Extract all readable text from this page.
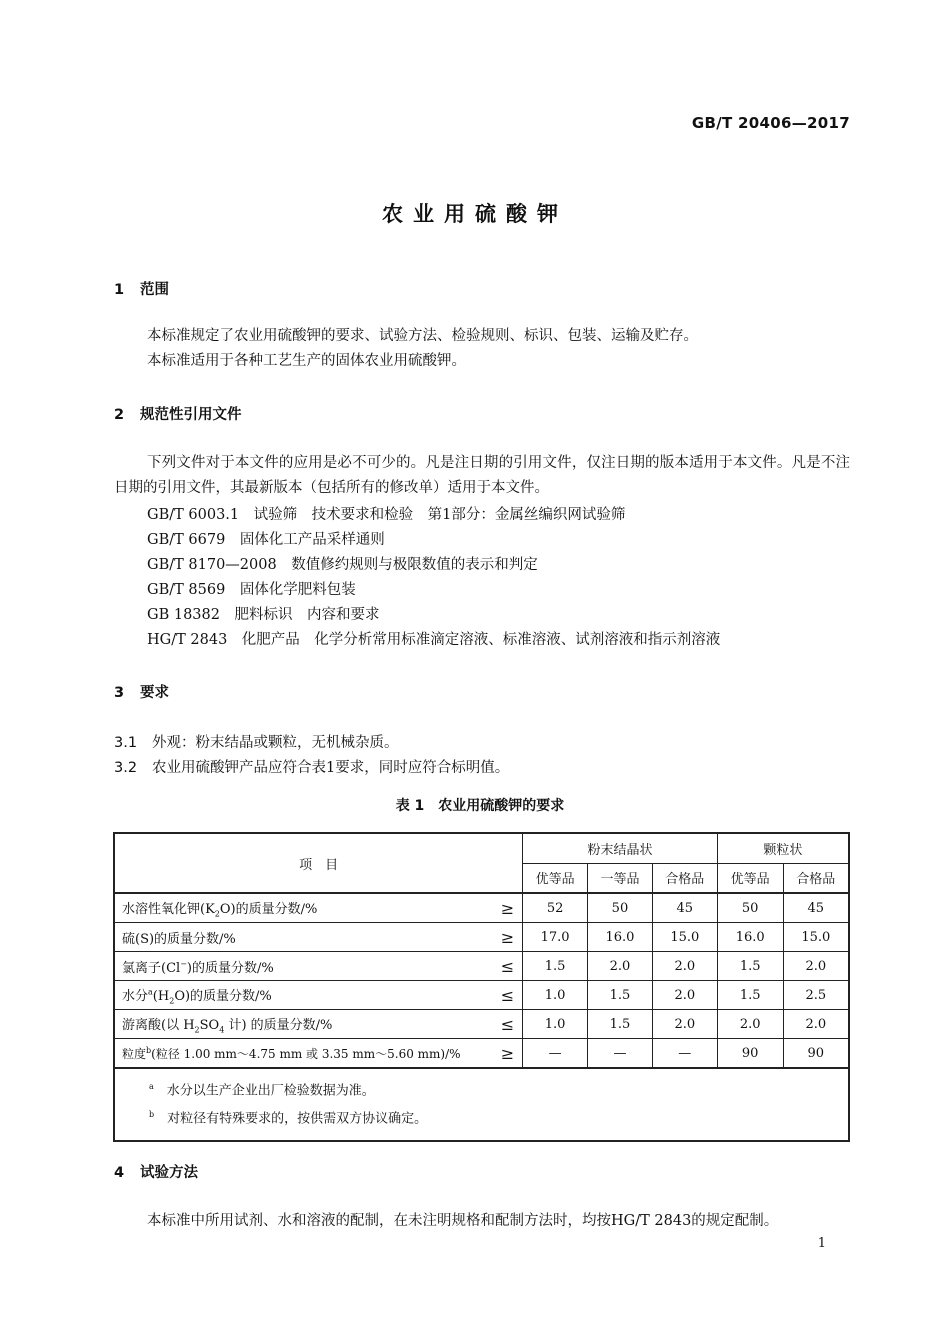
GB/T 20406—2017
农业用硫酸钾
1 范围
本标准规定了农业用硫酸钾的要求、试验方法、检验规则、标识、包装、运输及贮存。
本标准适用于各种工艺生产的固体农业用硫酸钾。
2 规范性引用文件
下列文件对于本文件的应用是必不可少的。凡是注日期的引用文件，仅注日期的版本适用于本文件。凡是不注日期的引用文件，其最新版本（包括所有的修改单）适用于本文件。
GB/T 6003.1　 试验筛　技术要求和检验　第1部分：金属丝编织网试验筛
GB/T 6679　 固体化工产品采样通则
GB/T 8170—2008　 数值修约规则与极限数值的表示和判定
GB/T 8569　 固体化学肥料包装
GB 18382　 肥料标识　内容和要求
HG/T 2843　 化肥产品　化学分析常用标准滴定溶液、标准溶液、试剂溶液和指示剂溶液
3 要求
3.1 外观：粉末结晶或颗粒，无机械杂质。
3.2 农业用硫酸钾产品应符合表1要求，同时应符合标明值。
表 1　农业用硫酸钾的要求
项　目	粉末结晶状			颗粒状	
	优等品	一等品	合格品	优等品	合格品
水溶性氧化钾$(K_2O)$的质量分数/% ≥	52	50	45	50	45
硫(S)的质量分数/% ≥	17.0	16.0	15.0	16.0	15.0
氯离子(Cl−)的质量分数/% ≤	1.5	2.0	2.0	1.5	2.0
水分$^a(H_2O)$的质量分数/% ≤	1.0	1.5	2.0	1.5	2.5
游离酸(以 $H_2SO_4$ 计) 的质量分数/% ≤	1.0	1.5	2.0	2.0	2.0
粒度$^b$(粒径 1.00 mm～4.75 mm 或 3.35 mm～5.60 mm)/% ≥	—	—	—	90	90

$^a$　 水分以生产企业出厂检验数据为准。
$^b$　 对粒径有特殊要求的，按供需双方协议确定。					
4 试验方法
本标准中所用试剂、水和溶液的配制，在未注明规格和配制方法时，均按HG/T 2843的规定配制。
1
